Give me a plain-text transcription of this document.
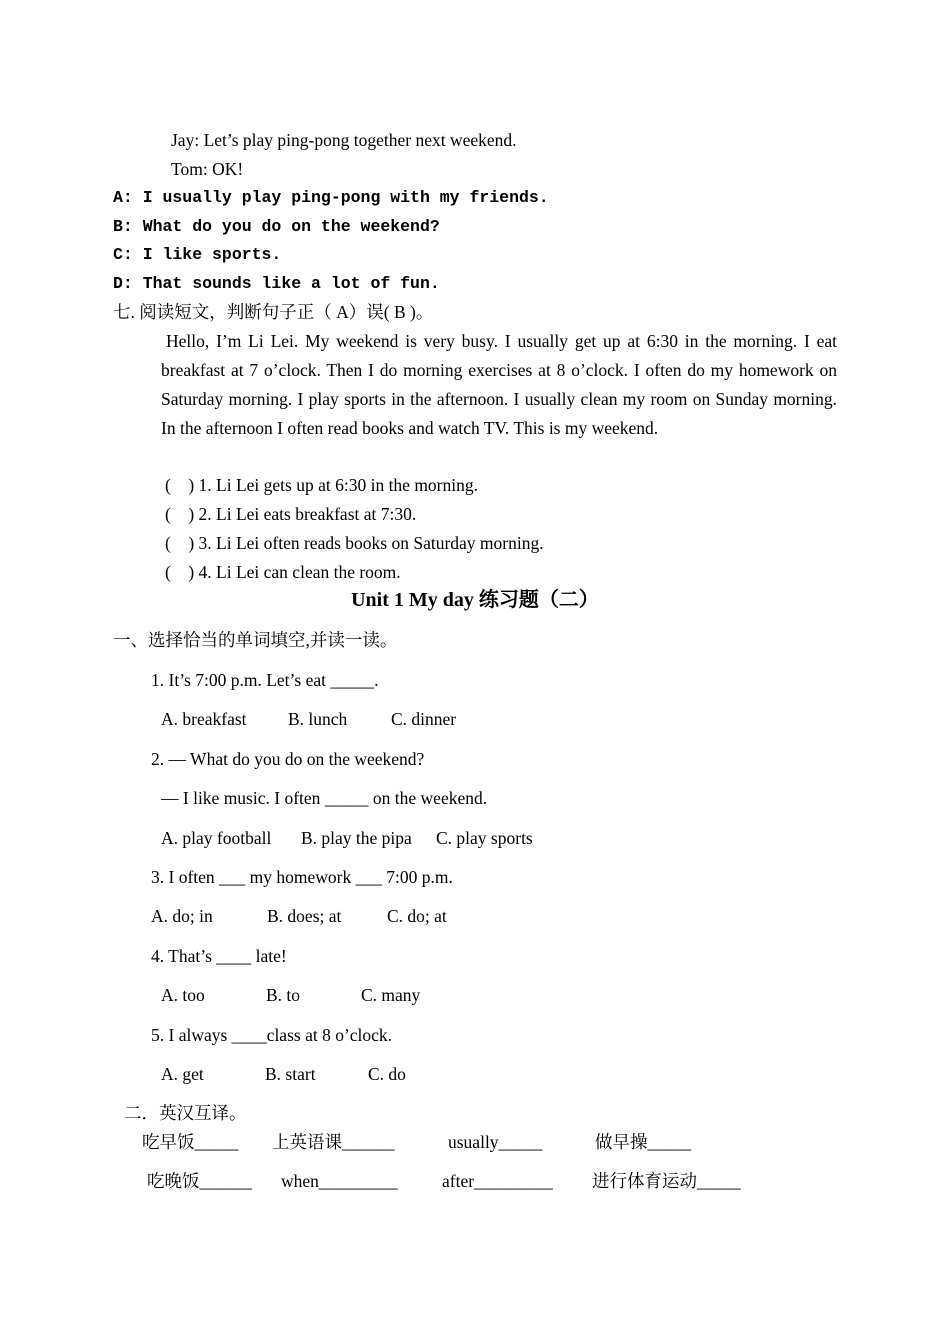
Jay: Let’s play ping-pong together next weekend.
Tom: OK!
A: I usually play ping-pong with my friends.
B: What do you do on the weekend?
C: I like sports.
D: That sounds like a lot of fun.
七. 阅读短文，判断句子正（ A）误( B )。
Hello, I’m Li Lei. My weekend is very busy. I usually get up at 6:30 in the morning. I eat breakfast at 7 o’clock. Then I do morning exercises at 8 o’clock. I often do my homework on Saturday morning. I play sports in the afternoon. I usually clean my room on Sunday morning. In the afternoon I often read books and watch TV. This is my weekend.
(    ) 1. Li Lei gets up at 6:30 in the morning.
(    ) 2. Li Lei eats breakfast at 7:30.
(    ) 3. Li Lei often reads books on Saturday morning.
(    ) 4. Li Lei can clean the room.
Unit 1 My day 练习题（二）
一、选择恰当的单词填空,并读一读。
1. It’s 7:00 p.m. Let’s eat _____.
A. breakfast B. lunch C. dinner
2. — What do you do on the weekend?
— I like music. I often _____ on the weekend.
A. play football B. play the pipa C. play sports
3. I often ___ my homework ___ 7:00 p.m.
A. do; in	B. does; at	C. do; at
4. That’s ____ late!
A. too	B. to	C. many
5. I always ____class at 8 o’clock.
A. get	B. start	C. do
二．英汉互译。
吃早饭_____ 上英语课______	usually_____	做早操_____
吃晚饭______ when_________	after_________ 进行体育运动_____
